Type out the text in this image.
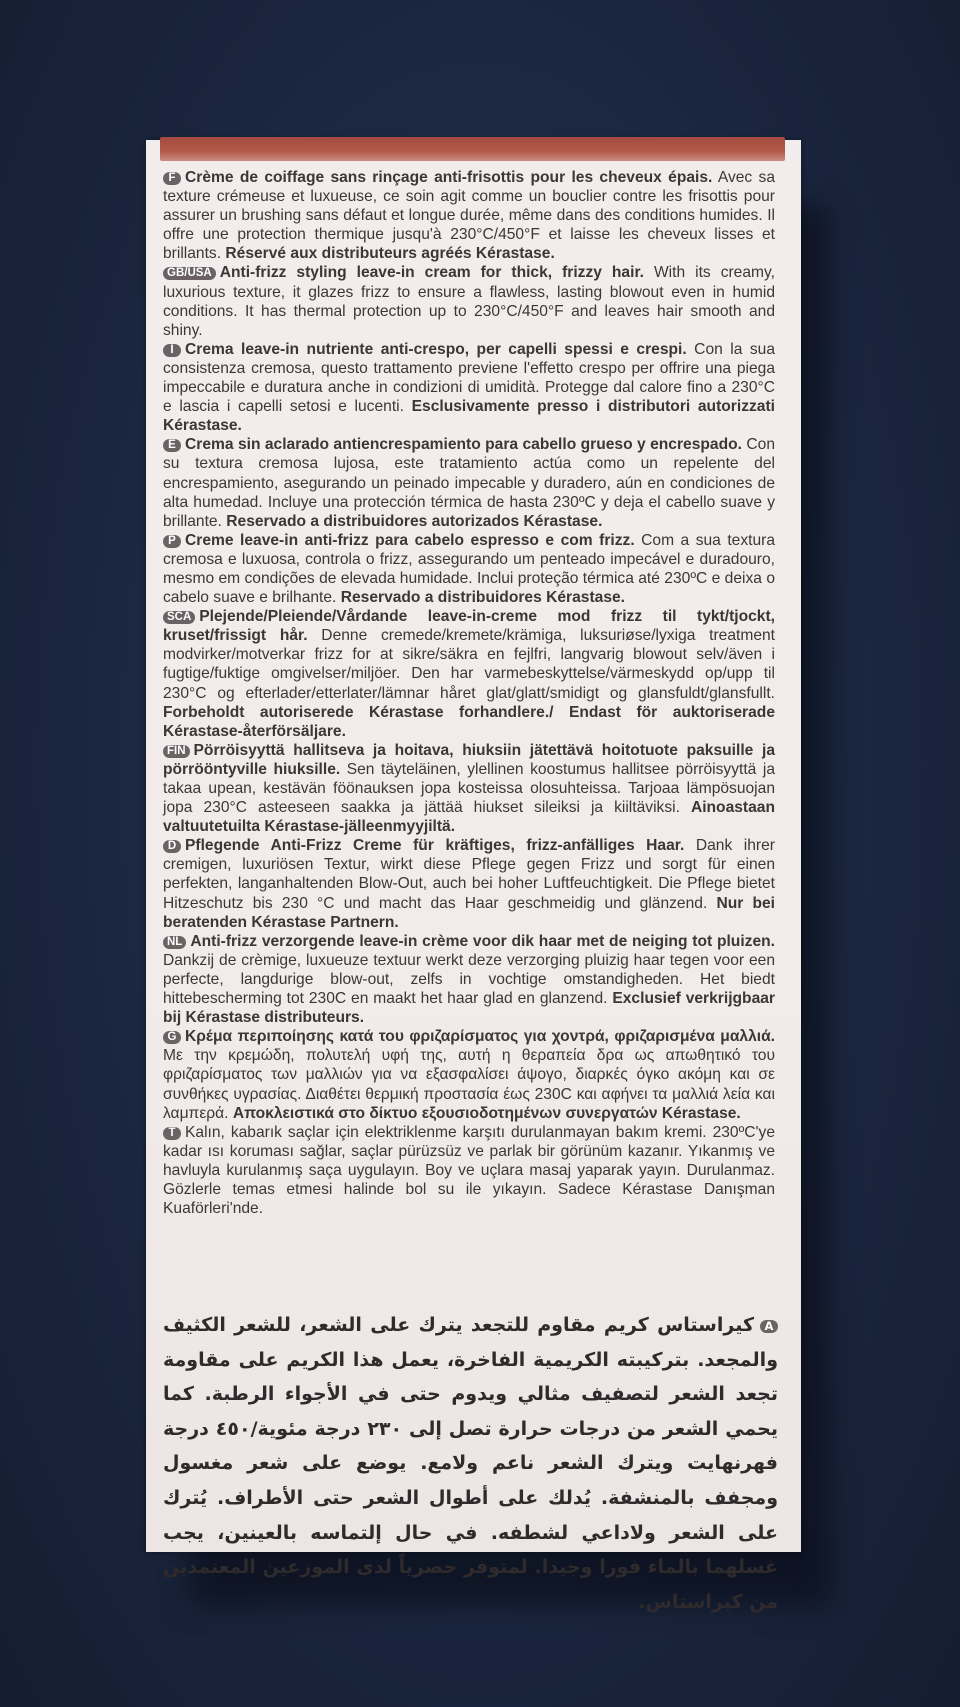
F Crème de coiffage sans rinçage anti-frisottis pour les cheveux épais. Avec sa texture crémeuse et luxueuse, ce soin agit comme un bouclier contre les frisottis pour assurer un brushing sans défaut et longue durée, même dans des conditions humides. Il offre une protection thermique jusqu'à 230°C/450°F et laisse les cheveux lisses et brillants. Réservé aux distributeurs agréés Kérastase.

GB/USA Anti-frizz styling leave-in cream for thick, frizzy hair. With its creamy, luxurious texture, it glazes frizz to ensure a flawless, lasting blowout even in humid conditions. It has thermal protection up to 230°C/450°F and leaves hair smooth and shiny.

I Crema leave-in nutriente anti-crespo, per capelli spessi e crespi. Con la sua consistenza cremosa, questo trattamento previene l'effetto crespo per offrire una piega impeccabile e duratura anche in condizioni di umidità. Protegge dal calore fino a 230°C e lascia i capelli setosi e lucenti. Esclusivamente presso i distributori autorizzati Kérastase.

E Crema sin aclarado antiencrespamiento para cabello grueso y encrespado. Con su textura cremosa lujosa, este tratamiento actúa como un repelente del encrespamiento, asegurando un peinado impecable y duradero, aún en condiciones de alta humedad. Incluye una protección térmica de hasta 230ºC y deja el cabello suave y brillante. Reservado a distribuidores autorizados Kérastase.

P Creme leave-in anti-frizz para cabelo espresso e com frizz. Com a sua textura cremosa e luxuosa, controla o frizz, assegurando um penteado impecável e duradouro, mesmo em condições de elevada humidade. Inclui proteção térmica até 230ºC e deixa o cabelo suave e brilhante. Reservado a distribuidores Kérastase.

SCA Plejende/Pleiende/Vårdande leave-in-creme mod frizz til tykt/tjockt, kruset/frissigt hår. Denne cremede/kremete/krämiga, luksuriøse/lyxiga treatment modvirker/motverkar frizz for at sikre/säkra en fejlfri, langvarig blowout selv/även i fugtige/fuktige omgivelser/miljöer. Den har varmebeskyttelse/värmeskydd op/upp til 230°C og efterlader/etterlater/lämnar håret glat/glatt/smidigt og glansfuldt/glansfullt. Forbeholdt autoriserede Kérastase forhandlere./ Endast för auktoriserade Kérastase-återförsäljare.

FIN Pörröisyyttä hallitseva ja hoitava, hiuksiin jätettävä hoitotuote paksuille ja pörrööntyville hiuksille. Sen täyteläinen, ylellinen koostumus hallitsee pörröisyyttä ja takaa upean, kestävän föönauksen jopa kosteissa olosuhteissa. Tarjoaa lämpösuojan jopa 230°C asteeseen saakka ja jättää hiukset sileiksi ja kiiltäviksi. Ainoastaan valtuutetuilta Kérastase-jälleenmyyjiltä.

D Pflegende Anti-Frizz Creme für kräftiges, frizz-anfälliges Haar. Dank ihrer cremigen, luxuriösen Textur, wirkt diese Pflege gegen Frizz und sorgt für einen perfekten, langanhaltenden Blow-Out, auch bei hoher Luftfeuchtigkeit. Die Pflege bietet Hitzeschutz bis 230 °C und macht das Haar geschmeidig und glänzend. Nur bei beratenden Kérastase Partnern.

NL Anti-frizz verzorgende leave-in crème voor dik haar met de neiging tot pluizen. Dankzij de crèmige, luxueuze textuur werkt deze verzorging pluizig haar tegen voor een perfecte, langdurige blow-out, zelfs in vochtige omstandigheden. Het biedt hittebescherming tot 230C en maakt het haar glad en glanzend. Exclusief verkrijgbaar bij Kérastase distributeurs.

G Κρέμα περιποίησης κατά του φριζαρίσματος για χοντρά, φριζαρισμένα μαλλιά. Με την κρεμώδη, πολυτελή υφή της, αυτή η θεραπεία δρα ως απωθητικό του φριζαρίσματος των μαλλιών για να εξασφαλίσει άψογο, διαρκές όγκο ακόμη και σε συνθήκες υγρασίας. Διαθέτει θερμική προστασία έως 230C και αφήνει τα μαλλιά λεία και λαμπερά. Αποκλειστικά στο δίκτυο εξουσιοδοτημένων συνεργατών Kérastase.

T Kalın, kabarık saçlar için elektriklenme karşıtı durulanmayan bakım kremi. 230ºC'ye kadar ısı koruması sağlar, saçlar pürüzsüz ve parlak bir görünüm kazanır. Yıkanmış ve havluyla kurulanmış saça uygulayın. Boy ve uçlara masaj yaparak yayın. Durulanmaz. Gözlerle temas etmesi halinde bol su ile yıkayın. Sadece Kérastase Danışman Kuaförleri'nde.

Aكيراستاس كريم مقاوم للتجعد يترك على الشعر، للشعر الكثيف والمجعد. بتركيبته الكريمية الفاخرة، يعمل هذا الكريم على مقاومة تجعد الشعر لتصفيف مثالي ويدوم حتى في الأجواء الرطبة. كما يحمي الشعر من درجات حرارة تصل إلى ٢٣٠ درجة مئوية/٤٥٠ درجة فهرنهايت ويترك الشعر ناعم ولامع. يوضع على شعر مغسول ومجفف بالمنشفة. يُدلك على أطوال الشعر حتى الأطراف. يُترك على الشعر ولاداعي لشطفه. في حال إلتماسه بالعينين، يجب غسلهما بالماء فورا وجيدا. لمتوفر حصرياً لدى الموزعين المعتمدين من كيراستاس.
